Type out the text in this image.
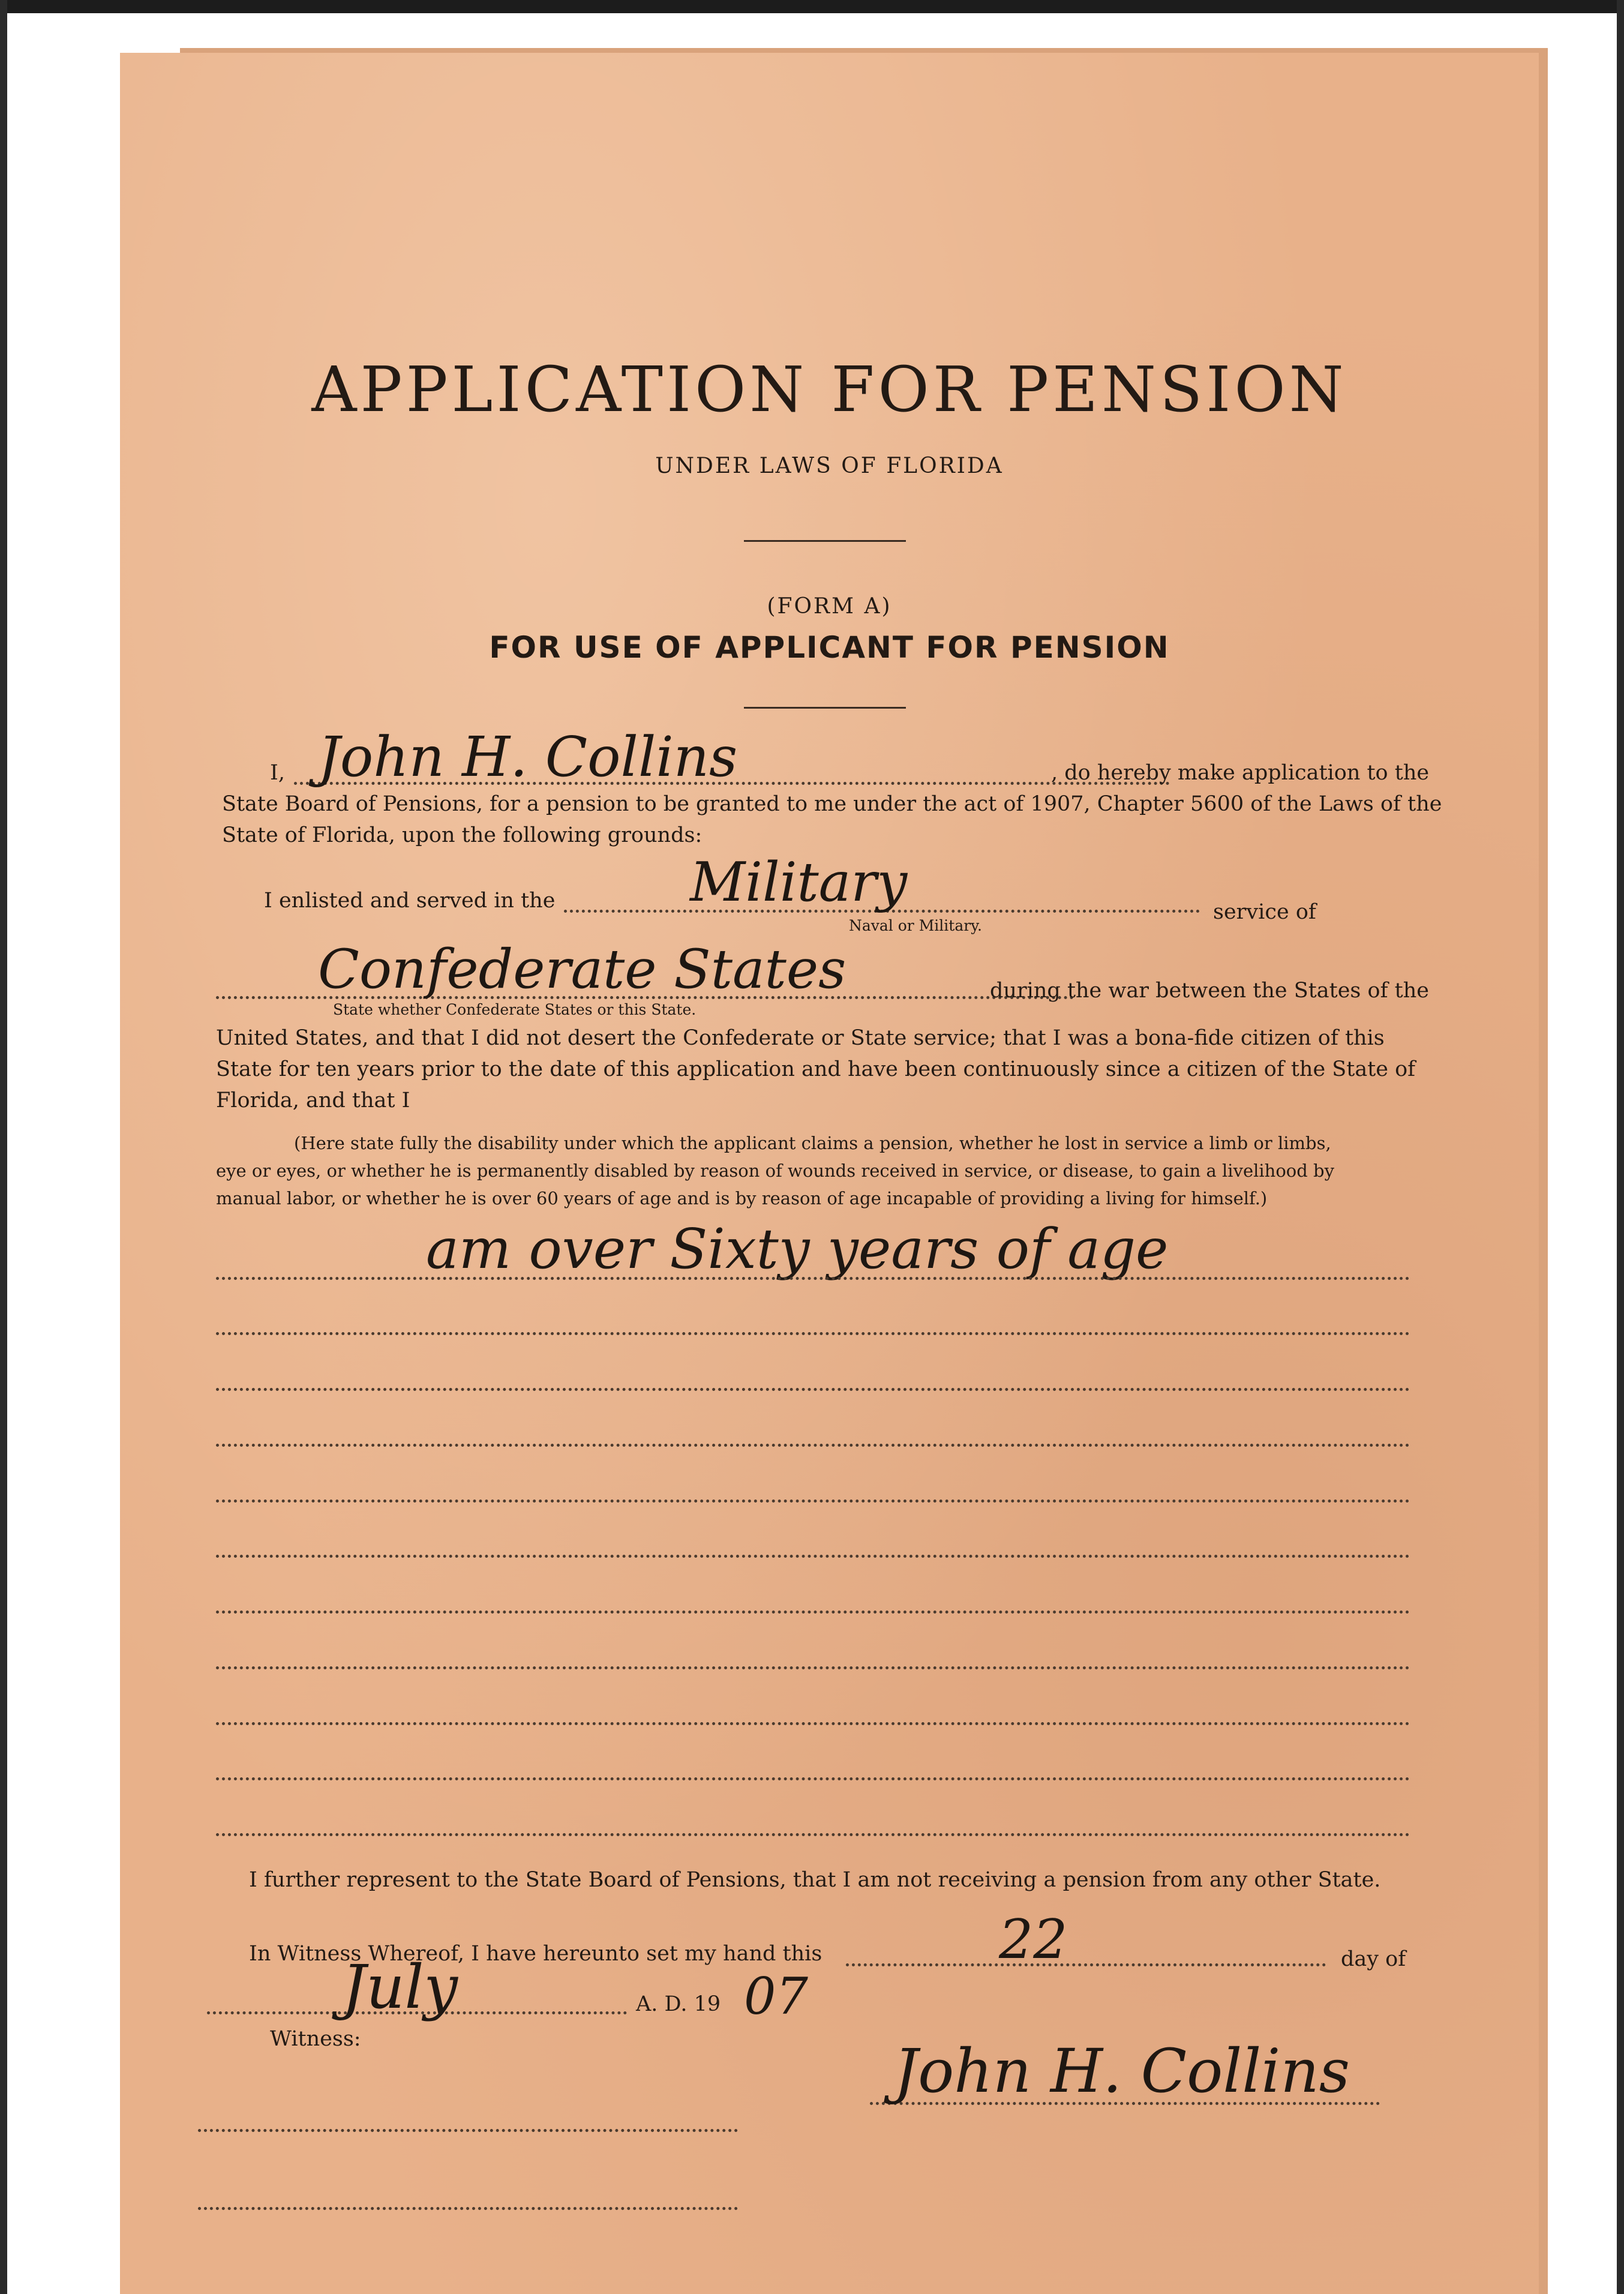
APPLICATION FOR PENSION
UNDER LAWS OF FLORIDA
(FORM A)
FOR USE OF APPLICANT FOR PENSION
I, John H. Collins	, do hereby make application to the
State Board of Pensions, for a pension to be granted to me under the act of 1907, Chapter 5600 of the Laws of the
State of Florida, upon the following grounds:
I enlisted and served in the Military
Naval or Military.
service of
Confederate States
State whether Confederate States or this State.
during the war between the States of the
United States, and that I did not desert the Confederate or State service; that I was a bona-fide citizen of this
State for ten years prior to the date of this application and have been continuously since a citizen of the State of
Florida, and that I
(Here state fully the disability under which the applicant claims a pension, whether he lost in service a limb or limbs,
eye or eyes, or whether he is permanently disabled by reason of wounds received in service, or disease, to gain a livelihood by
manual labor, or whether he is over 60 years of age and is by reason of age incapable of providing a living for himself.)
am over Sixty years of age
I further represent to the State Board of Pensions, that I am not receiving a pension from any other State.
In Witness Whereof, I have hereunto set my hand this	22	day of
July	A. D. 19 07
Witness:	John H. Collins
